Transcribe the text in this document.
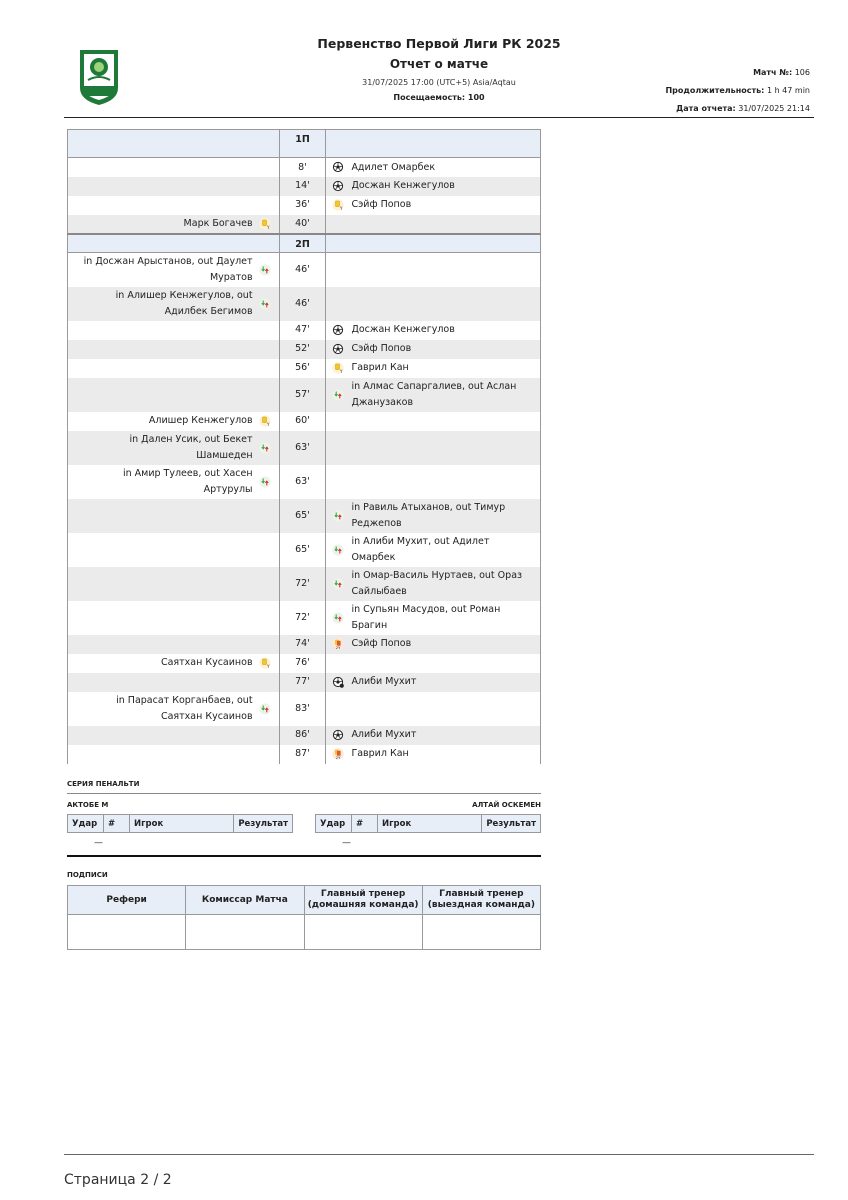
Первенство Первой Лиги РК 2025
Отчет о матче
31/07/2025 17:00 (UTC+5) Asia/Aqtau
Посещаемость: 100
Матч №: 106
Продолжительность: 1 h 47 min
Дата отчета: 31/07/2025 21:14
	1П	
	8'	Адилет Омарбек
	14'	Досжан Кенжегулов
	36'	Y Сэйф Попов
Марк Богачев Y	40'	
	2П	
in Досжан Арыстанов, out Даулет Муратов	46'	
in Алишер Кенжегулов, out Адилбек Бегимов	46'	
	47'	Досжан Кенжегулов
	52'	Сэйф Попов
	56'	Y Гаврил Кан
	57'	in Алмас Сапаргалиев, out Аслан Джанузаков
Алишер Кенжегулов Y	60'	
in Дален Усик, out Бекет Шамшеден	63'	
in Амир Тулеев, out Хасен Артурулы	63'	
	65'	in Равиль Атыханов, out Тимур Реджепов
	65'	in Алиби Мухит, out Адилет Омарбек
	72'	in Омар-Василь Нуртаев, out Ораз Сайлыбаев
	72'	in Супьян Масудов, out Роман Брагин
	74'	2Y Сэйф Попов
Саятхан Кусаинов Y	76'	
	77'	Алиби Мухит
in Парасат Корганбаев, out Саятхан Кусаинов	83'	
	86'	Алиби Мухит
	87'	2Y Гаврил Кан
СЕРИЯ ПЕНАЛЬТИ
АКТОБЕ М	АЛТАЙ ОСКЕМЕН
Удар	#	Игрок	Результат
—			
Удар	#	Игрок	Результат
—			
ПОДПИСИ
Рефери	Комиссар Матча	Главный тренер (домашняя команда)	Главный тренер (выездная команда)

Страница 2 / 2
